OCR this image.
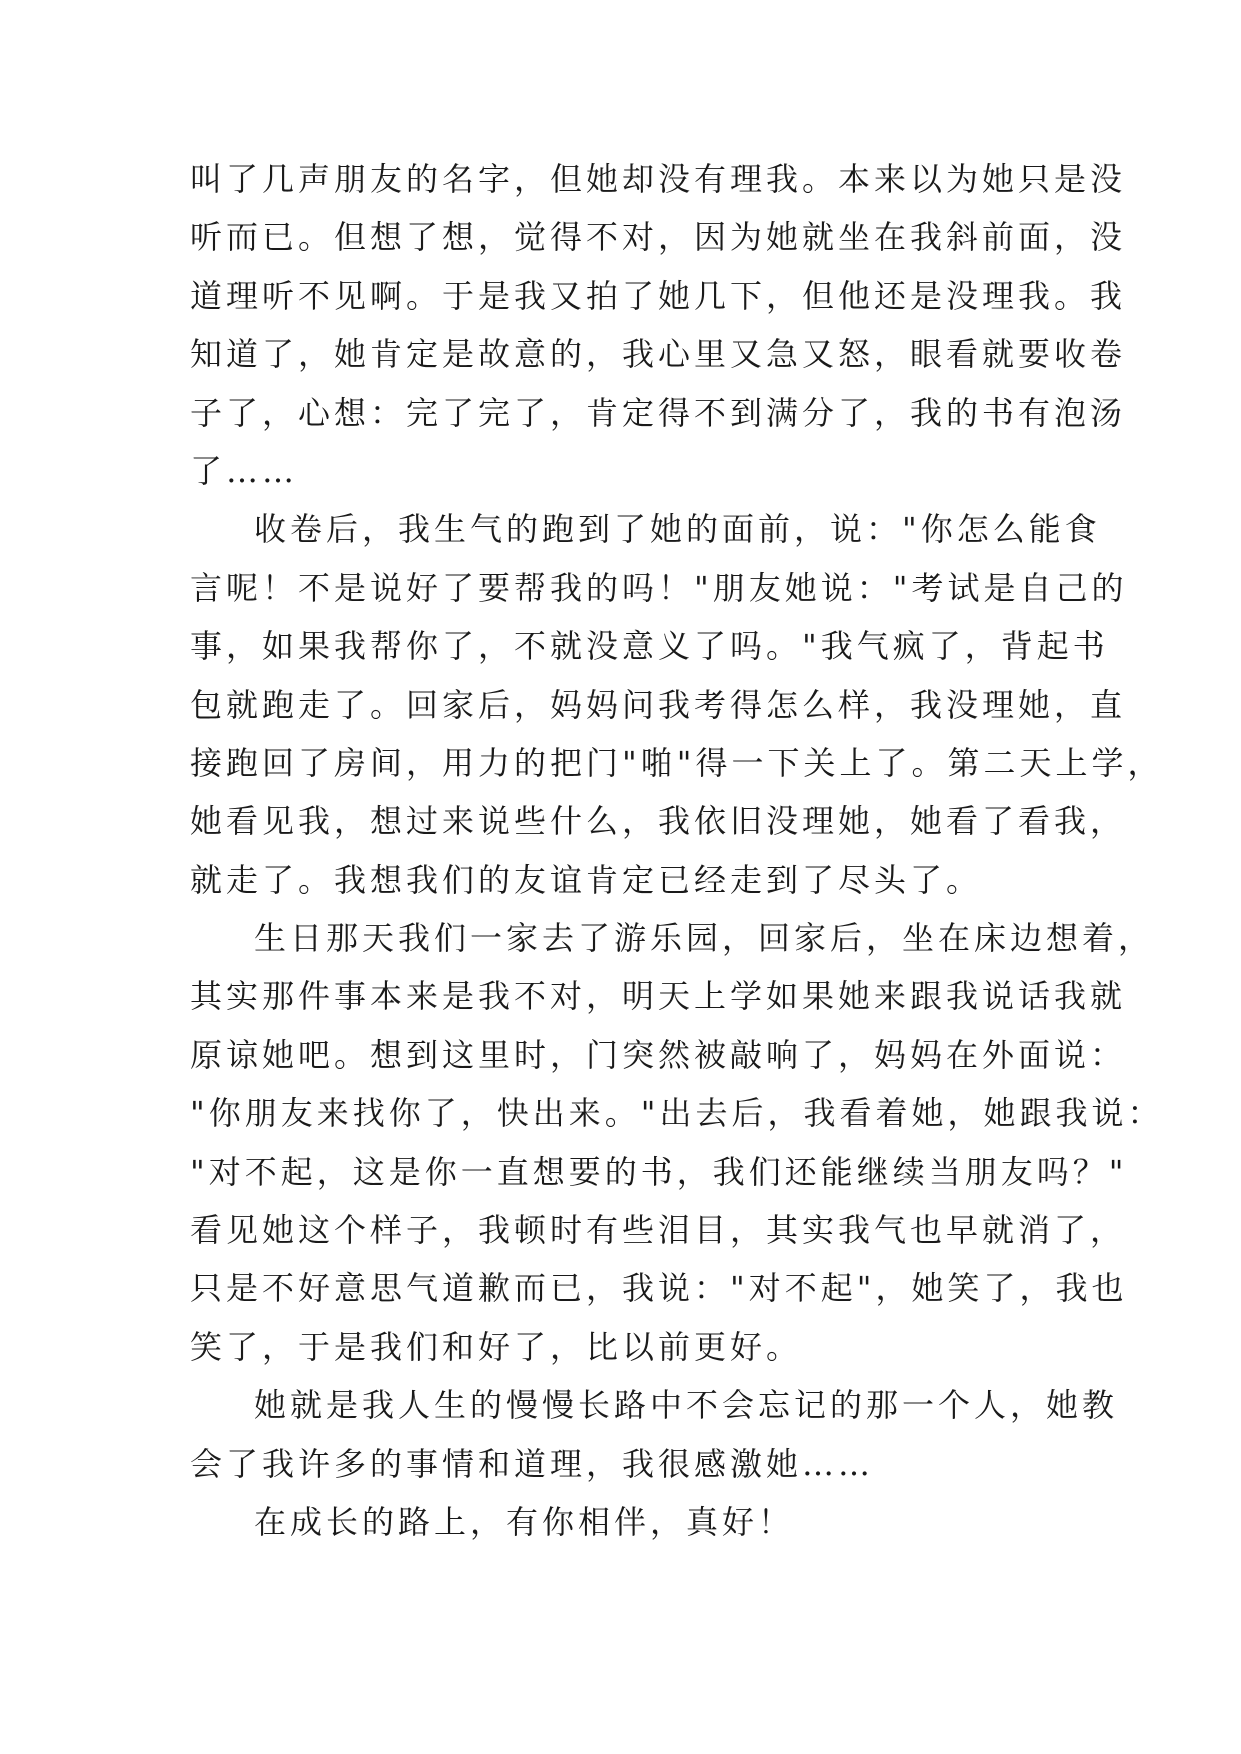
叫了几声朋友的名字，但她却没有理我。本来以为她只是没
听而已。但想了想，觉得不对，因为她就坐在我斜前面，没
道理听不见啊。于是我又拍了她几下，但他还是没理我。我
知道了，她肯定是故意的，我心里又急又怒，眼看就要收卷
子了，心想：完了完了，肯定得不到满分了，我的书有泡汤
了……
收卷后，我生气的跑到了她的面前，说："你怎么能食
言呢！不是说好了要帮我的吗！"朋友她说："考试是自己的
事，如果我帮你了，不就没意义了吗。"我气疯了，背起书
包就跑走了。回家后，妈妈问我考得怎么样，我没理她，直
接跑回了房间，用力的把门"啪"得一下关上了。第二天上学，
她看见我，想过来说些什么，我依旧没理她，她看了看我，
就走了。我想我们的友谊肯定已经走到了尽头了。
生日那天我们一家去了游乐园，回家后，坐在床边想着，
其实那件事本来是我不对，明天上学如果她来跟我说话我就
原谅她吧。想到这里时，门突然被敲响了，妈妈在外面说：
"你朋友来找你了，快出来。"出去后，我看着她，她跟我说：
"对不起，这是你一直想要的书，我们还能继续当朋友吗？"
看见她这个样子，我顿时有些泪目，其实我气也早就消了，
只是不好意思气道歉而已，我说："对不起"，她笑了，我也
笑了，于是我们和好了，比以前更好。
她就是我人生的慢慢长路中不会忘记的那一个人，她教
会了我许多的事情和道理，我很感激她……
在成长的路上，有你相伴，真好！
